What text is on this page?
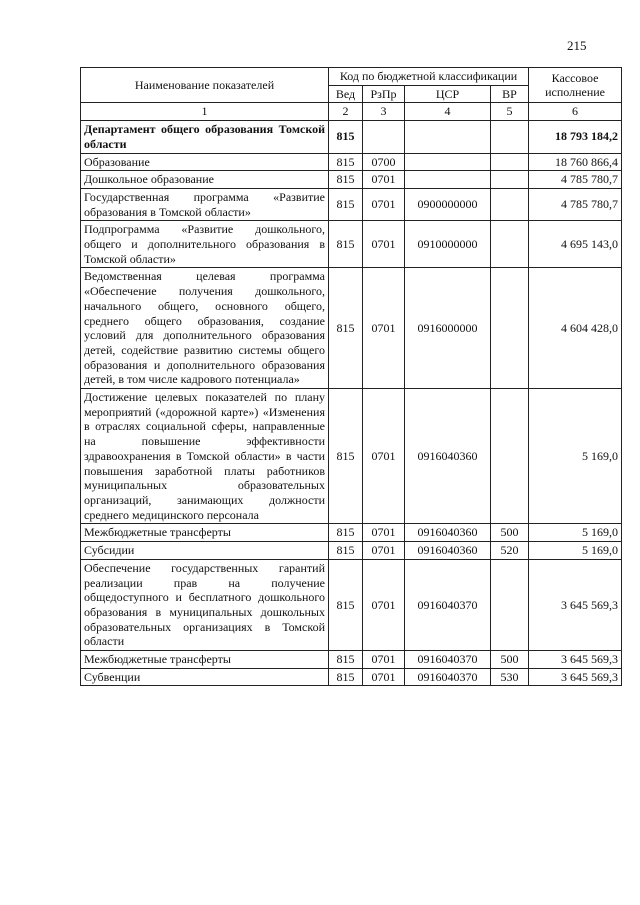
215
Наименование показателей	Код по бюджетной классификации				Кассовое исполнение
	Вед	РзПр	ЦСР	ВР	
1	2	3	4	5	6
Департамент общего образования Томской области	815				18 793 184,2
Образование	815	0700			18 760 866,4
Дошкольное образование	815	0701			4 785 780,7
Государственная программа «Развитие образования в Томской области»	815	0701	0900000000		4 785 780,7
Подпрограмма «Развитие дошкольного, общего и дополнительного образования в Томской области»	815	0701	0910000000		4 695 143,0
Ведомственная целевая программа «Обеспечение получения дошкольного, начального общего, основного общего, среднего общего образования, создание условий для дополнительного образования детей, содействие развитию системы общего образования и дополнительного образования детей, в том числе кадрового потенциала»	815	0701	0916000000		4 604 428,0
Достижение целевых показателей по плану мероприятий («дорожной карте») «Изменения в отраслях социальной сферы, направленные на повышение эффективности здравоохранения в Томской области» в части повышения заработной платы работников муниципальных образовательных организаций, занимающих должности среднего медицинского персонала	815	0701	0916040360		5 169,0
Межбюджетные трансферты	815	0701	0916040360	500	5 169,0
Субсидии	815	0701	0916040360	520	5 169,0
Обеспечение государственных гарантий реализации прав на получение общедоступного и бесплатного дошкольного образования в муниципальных дошкольных образовательных организациях в Томской области	815	0701	0916040370		3 645 569,3
Межбюджетные трансферты	815	0701	0916040370	500	3 645 569,3
Субвенции	815	0701	0916040370	530	3 645 569,3
